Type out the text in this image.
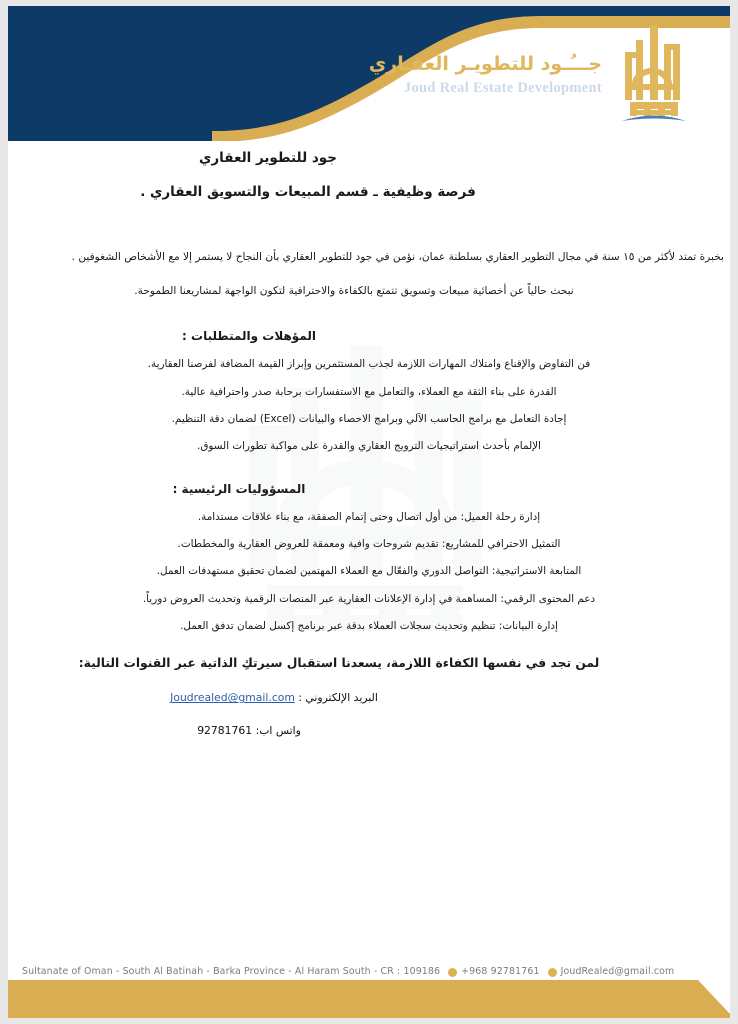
جـــُـود للتطويـر العقـاري
Joud Real Estate Development
جود للتطوير العقاري
فرصة وظيفية ـ قسم المبيعات والتسويق العقاري .
بخبرة تمتد لأكثر من ١٥ سنة في مجال التطوير العقاري بسلطنة عمان، نؤمن في جود للتطوير العقاري بأن النجاح لا يستمر إلا مع الأشخاص الشغوفين .
نبحث حالياً عن أخصائية مبيعات وتسويق تتمتع بالكفاءة والاحترافية لتكون الواجهة لمشاريعنا الطموحة.
المؤهلات والمتطلبات :
فن التفاوض والإقناع وامتلاك المهارات اللازمة لجذب المستثمرين وإبراز القيمة المضافة لفرصنا العقارية.
القدرة على بناء الثقة مع العملاء، والتعامل مع الاستفسارات برحابة صدر واحترافية عالية.
إجادة التعامل مع برامج الحاسب الآلي وبرامج الاحصاء والبيانات (Excel) لضمان دقة التنظيم.
الإلمام بأحدث استراتيجيات الترويج العقاري والقدرة على مواكبة تطورات السوق.
المسؤوليات الرئيسية :
إدارة رحلة العميل: من أول اتصال وحتى إتمام الصفقة، مع بناء علاقات مستدامة.
التمثيل الاحترافي للمشاريع: تقديم شروحات وافية ومعمقة للعروض العقارية والمخططات.
المتابعة الاستراتيجية: التواصل الدوري والفعّال مع العملاء المهتمين لضمان تحقيق مستهدفات العمل.
دعم المحتوى الرقمي: المساهمة في إدارة الإعلانات العقارية عبر المنصات الرقمية وتحديث العروض دورياً.
إدارة البيانات: تنظيم وتحديث سجلات العملاء بدقة عبر برنامج إكسل لضمان تدفق العمل.
لمن تجد في نفسها الكفاءة اللازمة، يسعدنا استقبال سيرتكِ الذاتية عبر القنوات التالية:
البريد الإلكتروني : Joudrealed@gmail.com
واتس اب: 92781761
Sultanate of Oman - South Al Batinah - Barka Province - Al Haram South - CR : 109186 +968 92781761 JoudRealed@gmail.com
